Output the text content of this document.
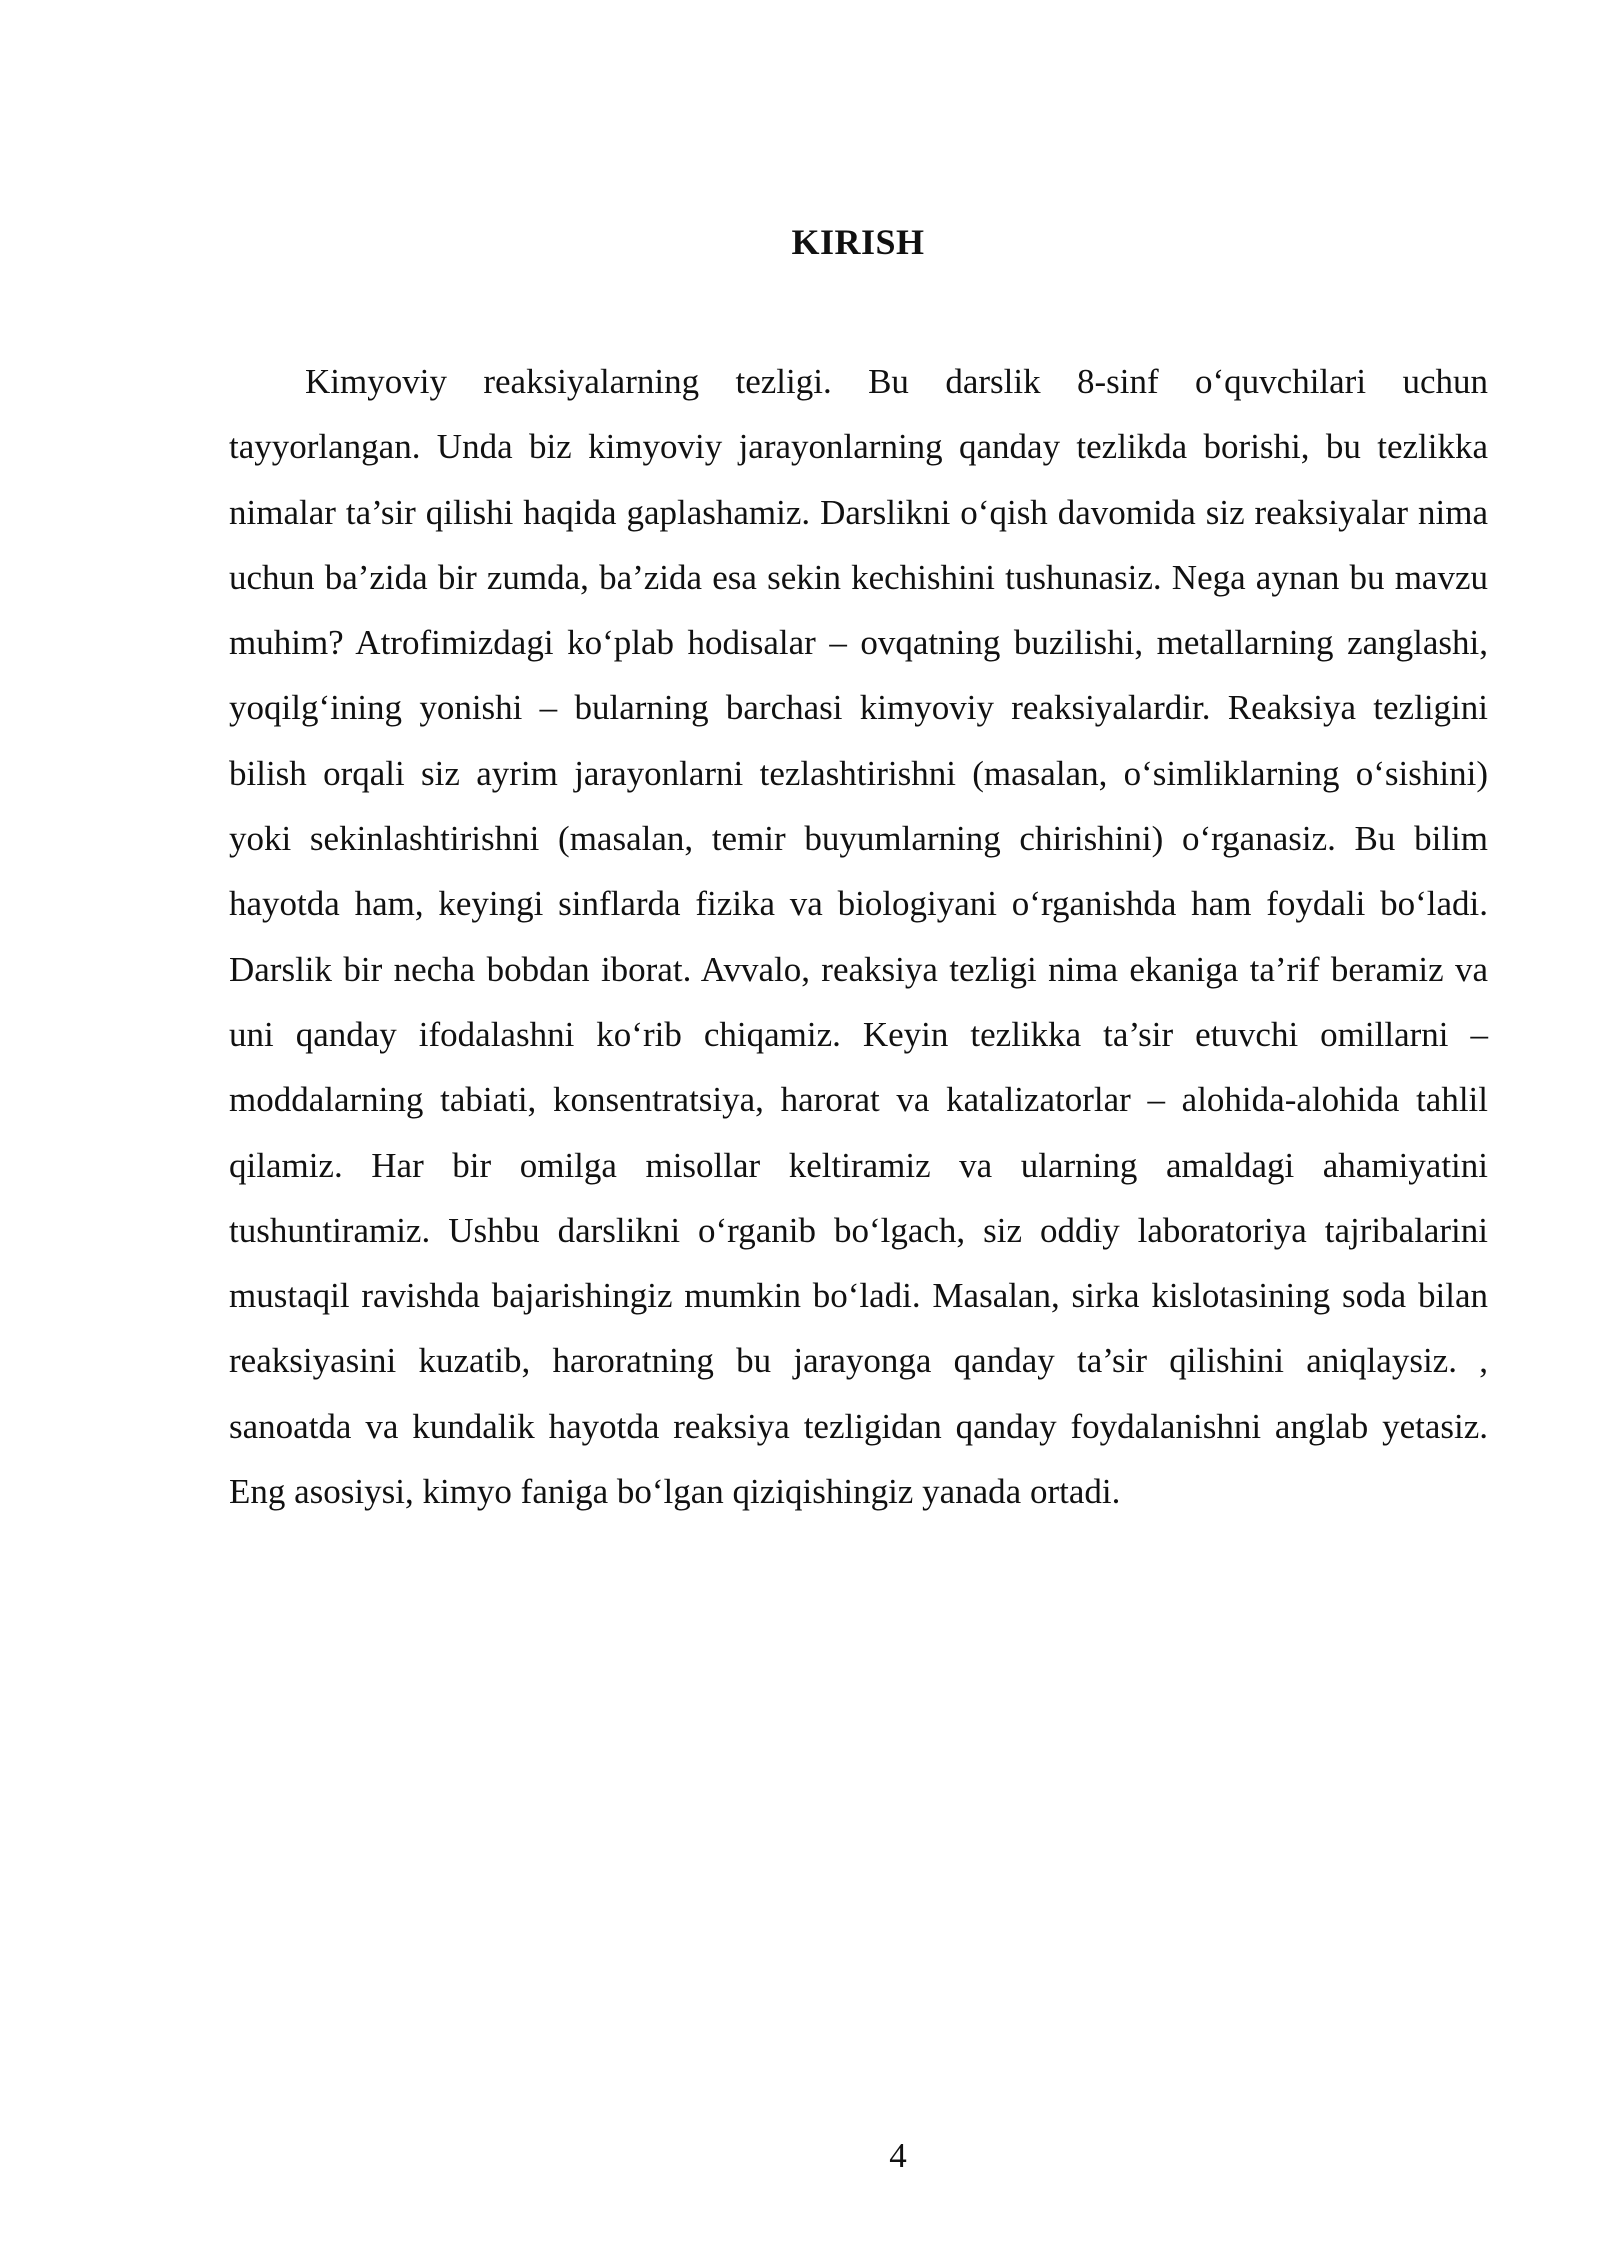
KIRISH

Kimyoviy reaksiyalarning tezligi. Bu darslik 8-sinf o‘quvchilari uchun tayyorlangan. Unda biz kimyoviy jarayonlarning qanday tezlikda borishi, bu tezlikka nimalar ta’sir qilishi haqida gaplashamiz. Darslikni o‘qish davomida siz reaksiyalar nima uchun ba’zida bir zumda, ba’zida esa sekin kechishini tushunasiz. Nega aynan bu mavzu muhim? Atrofimizdagi ko‘plab hodisalar – ovqatning buzilishi, metallarning zanglashi, yoqilg‘ining yonishi – bularning barchasi kimyoviy reaksiyalardir. Reaksiya tezligini bilish orqali siz ayrim jarayonlarni tezlashtirishni (masalan, o‘simliklarning o‘sishini) yoki sekinlashtirishni (masalan, temir buyumlarning chirishini) o‘rganasiz. Bu bilim hayotda ham, keyingi sinflarda fizika va biologiyani o‘rganishda ham foydali bo‘ladi. Darslik bir necha bobdan iborat. Avvalo, reaksiya tezligi nima ekaniga ta’rif beramiz va uni qanday ifodalashni ko‘rib chiqamiz. Keyin tezlikka ta’sir etuvchi omillarni – moddalarning tabiati, konsentratsiya, harorat va katalizatorlar – alohida-alohida tahlil qilamiz. Har bir omilga misollar keltiramiz va ularning amaldagi ahamiyatini tushuntiramiz. Ushbu darslikni o‘rganib bo‘lgach, siz oddiy laboratoriya tajribalarini mustaqil ravishda bajarishingiz mumkin bo‘ladi. Masalan, sirka kislotasining soda bilan reaksiyasini kuzatib, haroratning bu jarayonga qanday ta’sir qilishini aniqlaysiz. , sanoatda va kundalik hayotda reaksiya tezligidan qanday foydalanishni anglab yetasiz. Eng asosiysi, kimyo faniga bo‘lgan qiziqishingiz yanada ortadi.

4
